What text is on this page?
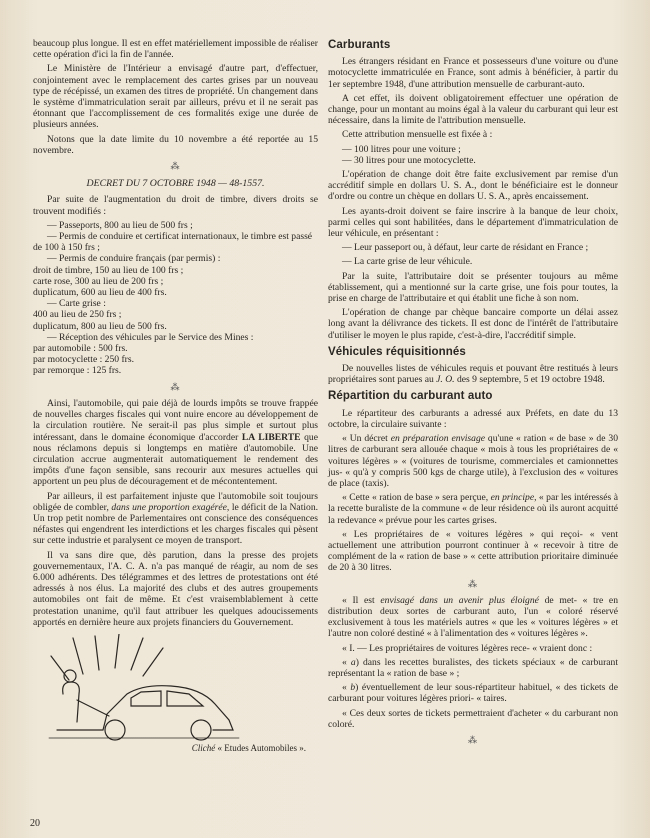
beaucoup plus longue. Il est en effet matériellement impossible de réaliser cette opération d'ici la fin de l'année.

Le Ministère de l'Intérieur a envisagé d'autre part, d'effectuer, conjointement avec le remplacement des cartes grises par un nouveau type de récépissé, un examen des titres de propriété. Un changement dans le système d'immatriculation serait par ailleurs, prévu et il ne serait pas étonnant que l'accomplissement de ces formalités exige une durée de plusieurs années.

Notons que la date limite du 10 novembre a été reportée au 15 novembre.

⁂
DECRET DU 7 OCTOBRE 1948 — 48-1557.

Par suite de l'augmentation du droit de timbre, divers droits se trouvent modifiés :

— Passeports, 800 au lieu de 500 frs ;

— Permis de conduire et certificat internationaux, le timbre est passé de 100 à 150 frs ;

— Permis de conduire français (par permis) :

droit de timbre, 150 au lieu de 100 frs ;

carte rose, 300 au lieu de 200 frs ;

duplicatum, 600 au lieu de 400 frs.

— Carte grise :

400 au lieu de 250 frs ;

duplicatum, 800 au lieu de 500 frs.

— Réception des véhicules par le Service des Mines :

par automobile : 500 frs.

par motocyclette : 250 frs.

par remorque : 125 frs.

⁂

Ainsi, l'automobile, qui paie déjà de lourds impôts se trouve frappée de nouvelles charges fiscales qui vont nuire encore au développement de la circulation routière. Ne serait-il pas plus simple et surtout plus intéressant, dans le domaine économique d'accorder LA LIBERTE que nous réclamons depuis si longtemps en matière d'automobile. Une circulation accrue augmenterait automatiquement le rendement des impôts d'une façon sensible, sans recourir aux mesures actuelles qui apportent un peu plus de découragement et de mécontentement.

Par ailleurs, il est parfaitement injuste que l'automobile soit toujours obligée de combler, dans une proportion exagérée, le déficit de la Nation. Un trop petit nombre de Parlementaires ont conscience des conséquences néfastes qui engendrent les interdictions et les charges fiscales qui pèsent sur cette industrie et paralysent ce moyen de transport.

Il va sans dire que, dès parution, dans la presse des projets gouvernementaux, l'A. C. A. n'a pas manqué de réagir, au nom de ses 6.000 adhérents. Des télégrammes et des lettres de protestations ont été adressés à nos élus. La majorité des clubs et des autres groupements automobiles ont fait de même. Et c'est vraisemblablement à cette protestation unanime, qu'il faut attribuer les quelques adoucissements apportés en dernière heure aux projets financiers du Gouvernement.

Cliché « Etudes Automobiles ».
Carburants

Les étrangers résidant en France et possesseurs d'une voiture ou d'une motocyclette immatriculée en France, sont admis à bénéficier, à partir du 1er septembre 1948, d'une attribution mensuelle de carburant-auto.

A cet effet, ils doivent obligatoirement effectuer une opération de change, pour un montant au moins égal à la valeur du carburant qui leur est nécessaire, dans la limite de l'attribution mensuelle.

Cette attribution mensuelle est fixée à :

— 100 litres pour une voiture ;

— 30 litres pour une motocyclette.

L'opération de change doit être faite exclusivement par remise d'un accréditif simple en dollars U. S. A., dont le bénéficiaire est le donneur d'ordre ou contre un chèque en dollars U. S. A., après encaissement.

Les ayants-droit doivent se faire inscrire à la banque de leur choix, parmi celles qui sont habilitées, dans le département d'immatriculation de leur véhicule, en présentant :

— Leur passeport ou, à défaut, leur carte de résidant en France ;

— La carte grise de leur véhicule.

Par la suite, l'attributaire doit se présenter toujours au même établissement, qui a mentionné sur la carte grise, une fois pour toutes, la prise en charge de l'attributaire et qui établit une fiche à son nom.

L'opération de change par chèque bancaire comporte un délai assez long avant la délivrance des tickets. Il est donc de l'intérêt de l'attributaire d'utiliser le moyen le plus rapide, c'est-à-dire, l'accréditif simple.

Véhicules réquisitionnés

De nouvelles listes de véhicules requis et pouvant être restitués à leurs propriétaires sont parues au J. O. des 9 septembre, 5 et 19 octobre 1948.

Répartition du carburant auto

Le répartiteur des carburants a adressé aux Préfets, en date du 13 octobre, la circulaire suivante :

« Un décret en préparation envisage qu'une « ration « de base » de 30 litres de carburant sera allouée chaque « mois à tous les propriétaires de « voitures légères » « (voitures de tourisme, commerciales et camionnettes jus- « qu'à y compris 500 kgs de charge utile), à l'exclusion des « voitures de place (taxis).

« Cette « ration de base » sera perçue, en principe, « par les intéressés à la recette buraliste de la commune « de leur résidence où ils auront acquitté la redevance « prévue pour les cartes grises.

« Les propriétaires de « voitures légères » qui reçoi- « vent actuellement une attribution pourront continuer à « recevoir à titre de complément de la « ration de base » « cette attribution prioritaire diminuée de 20 à 30 litres.

⁂

« Il est envisagé dans un avenir plus éloigné de met- « tre en distribution deux sortes de carburant auto, l'un « coloré réservé exclusivement à tous les matériels autres « que les « voitures légères » et l'autre non coloré destiné « à l'alimentation des « voitures légères ».

« I. — Les propriétaires de voitures légères rece- « vraient donc :

« a) dans les recettes buralistes, des tickets spéciaux « de carburant représentant la « ration de base » ;

« b) éventuellement de leur sous-répartiteur habituel, « des tickets de carburant pour voitures légères priori- « taires.

« Ces deux sortes de tickets permettraient d'acheter « du carburant non coloré.

⁂
20
